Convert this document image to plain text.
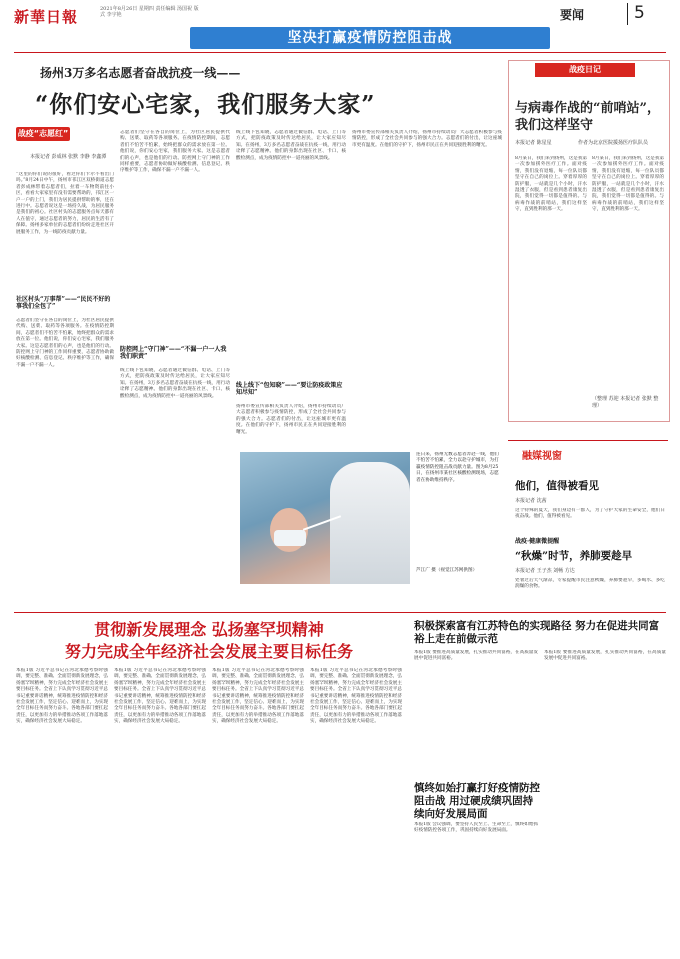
新華日報	2021年8月26日 星期四 责任编辑 汤国祝 版式 李宇艳	要闻	5
坚决打赢疫情防控阻击战
扬州3万多名志愿者奋战抗疫一线——
“你们安心宅家，我们服务大家”
战疫“志愿红”
本报记者 彭成林 张默 李静 李鑫潭
“这里的你们说的很好，看过你们卡尔不看出门吗。”8月24日中午，扬州市邗江区双桥街道志愿者彭成林带着志愿者们，拉着一车物资前往小区，看看大家家里有没有需要帮助的，邗江区一户一户的上门，我们为居民提供帮助的事，还在进行中。志愿者说这是一场持久战，为居民服务是我们的初心。社区村头的志愿服务点每天都有人在值守，通过志愿者的努力，居民的生活有了保障。扬州多家单位的志愿者们纷纷走进社区开展服务工作，为一线防疫贡献力量。
社区村头“万事帮”——“民民不好的事我们全包了”
志愿者们坚守在各自的岗位上，为社区居民提供代购、送菜、取药等各项服务。在疫情防控期间，志愿者们不怕苦不怕累，始终把群众的需求放在第一位。他们说，你们安心宅家，我们服务大家。这是志愿者们的心声，也是他们的行动。防控网上守门神的工作同样重要，志愿者协助做好核酸检测、信息登记、秩序维护等工作，确保不漏一户不漏一人。
志愿者们坚守在各自的岗位上，为社区居民提供代购、送菜、取药等各项服务。在疫情防控期间，志愿者们不怕苦不怕累，始终把群众的需求放在第一位。他们说，你们安心宅家，我们服务大家。这是志愿者们的心声，也是他们的行动。防控网上守门神的工作同样重要，志愿者协助做好核酸检测、信息登记、秩序维护等工作，确保不漏一户不漏一人。
防控网上“守门神”——“不漏一户一人我我们职责”
线上线下包知晓，志愿者通过微信群、电话、上门等方式，把防疫政策及时传达给居民，让大家应知尽知。在扬州，3万多名志愿者奋战在抗疫一线，用行动诠释了志愿精神。他们的身影出现在社区、卡口、核酸检测点，成为疫情防控中一道亮丽的风景线。
线上线下包知晓，志愿者通过微信群、电话、上门等方式，把防疫政策及时传达给居民，让大家应知尽知。在扬州，3万多名志愿者奋战在抗疫一线，用行动诠释了志愿精神。他们的身影出现在社区、卡口、核酸检测点，成为疫情防控中一道亮丽的风景线。
线上线下“包知晓”——“要让防疫政策应知尽知”
扬州市委宣传部相关负责人介绍，扬州市持续动员广大志愿者积极参与疫情防控，形成了全社会共同参与的强大合力。志愿者们的付出，让这座城市更有温度。在他们的守护下，扬州市民正在共同迎接胜利的曙光。
扬州市委宣传部相关负责人介绍，扬州市持续动员广大志愿者积极参与疫情防控，形成了全社会共同参与的强大合力。志愿者们的付出，让这座城市更有温度。在他们的守护下，扬州市民正在共同迎接胜利的曙光。
连日来，扬州无数志愿者奔赴一线，他们不怕苦不怕累，全力以赴守护城市，为打赢疫情防控阻击战贡献力量。图为8月25日，在扬州市某社区核酸检测现场，志愿者在协助维持秩序。
芦江广 摄（视觉江苏网供图）
战疫日记
与病毒作战的“前哨站”，我们这样坚守
本报记者 陈星星	作者为北京医院援扬医疗队队员
8月某日，我们来到扬州，这是我第一次参加援外医疗工作。面对疫情，我们没有退缩，每一位队员都坚守在自己的岗位上。穿着厚厚的防护服，一站就是几个小时，汗水湿透了衣服，但是看到患者康复出院，我们觉得一切都是值得的。与病毒作战的前哨站，我们这样坚守，直到胜利的那一天。
8月某日，我们来到扬州，这是我第一次参加援外医疗工作。面对疫情，我们没有退缩，每一位队员都坚守在自己的岗位上。穿着厚厚的防护服，一站就是几个小时，汗水湿透了衣服，但是看到患者康复出院，我们觉得一切都是值得的。与病毒作战的前哨站，我们这样坚守，直到胜利的那一天。
（整理 苏迎 本报记者 张默 整理）
融媒视窗
他们，值得被看见
本报记者 沈茜
这个特殊的夏天，我们身边有一群人，为了守护大家的生命安全，他们日夜奋战。他们，值得被看见。
战疫·健康微提醒
“秋燥”时节，养肺要趁早
本报记者 王子杰 刘畅 方达
处暑过后天气渐凉，专家提醒市民注意秋燥，养肺要趁早，多喝水、多吃润燥的食物。
贯彻新发展理念 弘扬塞罕坝精神
努力完成全年经济社会发展主要目标任务
本报1版 习近平总书记在河北承德考察时强调，要完整、准确、全面贯彻新发展理念，弘扬塞罕坝精神，努力完成全年经济社会发展主要目标任务。全省上下认真学习贯彻习近平总书记重要讲话精神，统筹推进疫情防控和经济社会发展工作，坚定信心、迎难而上，为实现全年目标任务而努力奋斗。各地各部门要扛起责任，以更加有力的举措推动各项工作落地落实，确保经济社会发展大局稳定。
本报1版 习近平总书记在河北承德考察时强调，要完整、准确、全面贯彻新发展理念，弘扬塞罕坝精神，努力完成全年经济社会发展主要目标任务。全省上下认真学习贯彻习近平总书记重要讲话精神，统筹推进疫情防控和经济社会发展工作，坚定信心、迎难而上，为实现全年目标任务而努力奋斗。各地各部门要扛起责任，以更加有力的举措推动各项工作落地落实，确保经济社会发展大局稳定。
本报1版 习近平总书记在河北承德考察时强调，要完整、准确、全面贯彻新发展理念，弘扬塞罕坝精神，努力完成全年经济社会发展主要目标任务。全省上下认真学习贯彻习近平总书记重要讲话精神，统筹推进疫情防控和经济社会发展工作，坚定信心、迎难而上，为实现全年目标任务而努力奋斗。各地各部门要扛起责任，以更加有力的举措推动各项工作落地落实，确保经济社会发展大局稳定。
本报1版 习近平总书记在河北承德考察时强调，要完整、准确、全面贯彻新发展理念，弘扬塞罕坝精神，努力完成全年经济社会发展主要目标任务。全省上下认真学习贯彻习近平总书记重要讲话精神，统筹推进疫情防控和经济社会发展工作，坚定信心、迎难而上，为实现全年目标任务而努力奋斗。各地各部门要扛起责任，以更加有力的举措推动各项工作落地落实，确保经济社会发展大局稳定。
积极探索富有江苏特色的实现路径 努力在促进共同富裕上走在前做示范
本报1版 要推进高质量发展，扎实推动共同富裕，在高质量发展中促进共同富裕。
本报1版 要推进高质量发展，扎实推动共同富裕，在高质量发展中促进共同富裕。
慎终如始打赢打好疫情防控阻击战 用过硬成绩巩固持续向好发展局面
本报1版 会议强调，要坚持人民至上、生命至上，慎终如始抓好疫情防控各项工作，巩固持续向好发展局面。
